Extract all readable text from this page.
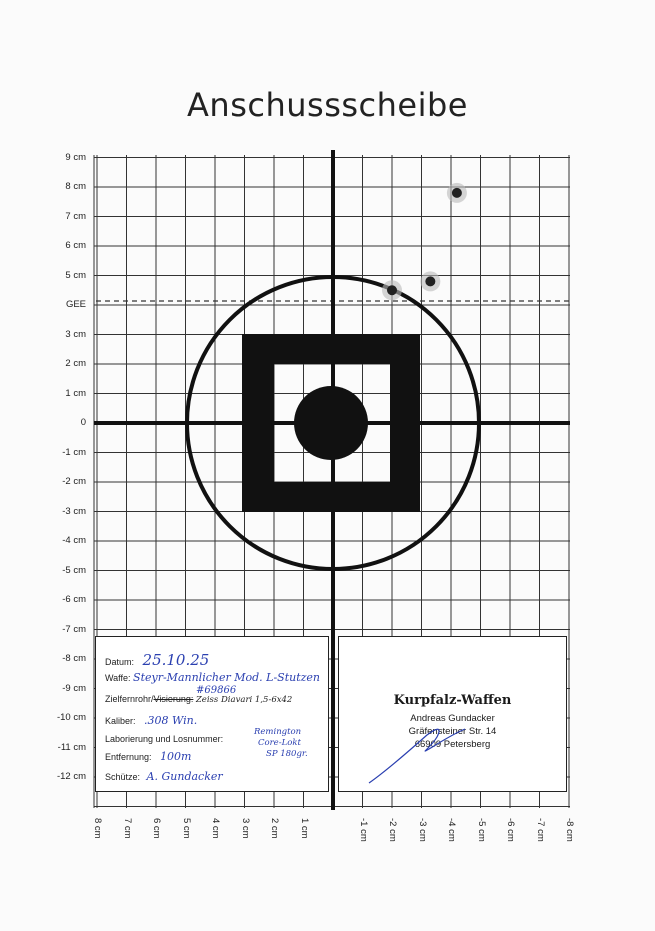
Anschussscheibe
9 cm
8 cm
7 cm
6 cm
5 cm
GEE
3 cm
2 cm
1 cm
0
-1 cm
-2 cm
-3 cm
-4 cm
-5 cm
-6 cm
-7 cm
-8 cm
-9 cm
-10 cm
-11 cm
-12 cm
8 cm 7 cm 6 cm 5 cm 4 cm 3 cm 2 cm 1 cm	-1 cm -2 cm -3 cm -4 cm -5 cm -6 cm -7 cm -8 cm
Datum: 25.10.25
Waffe: Steyr-Mannlicher Mod. L-Stutzen
#69866
Zielfernrohr/Visierung: Zeiss Diavari 1,5-6x42
Kaliber: .308 Win.
Laborierung und Losnummer:
Remington
Core-Lokt
SP 180gr.
Entfernung: 100m
Schütze: A. Gundacker
Kurpfalz-Waffen
Andreas Gundacker
Gräfensteiner Str. 14
66909 Petersberg
